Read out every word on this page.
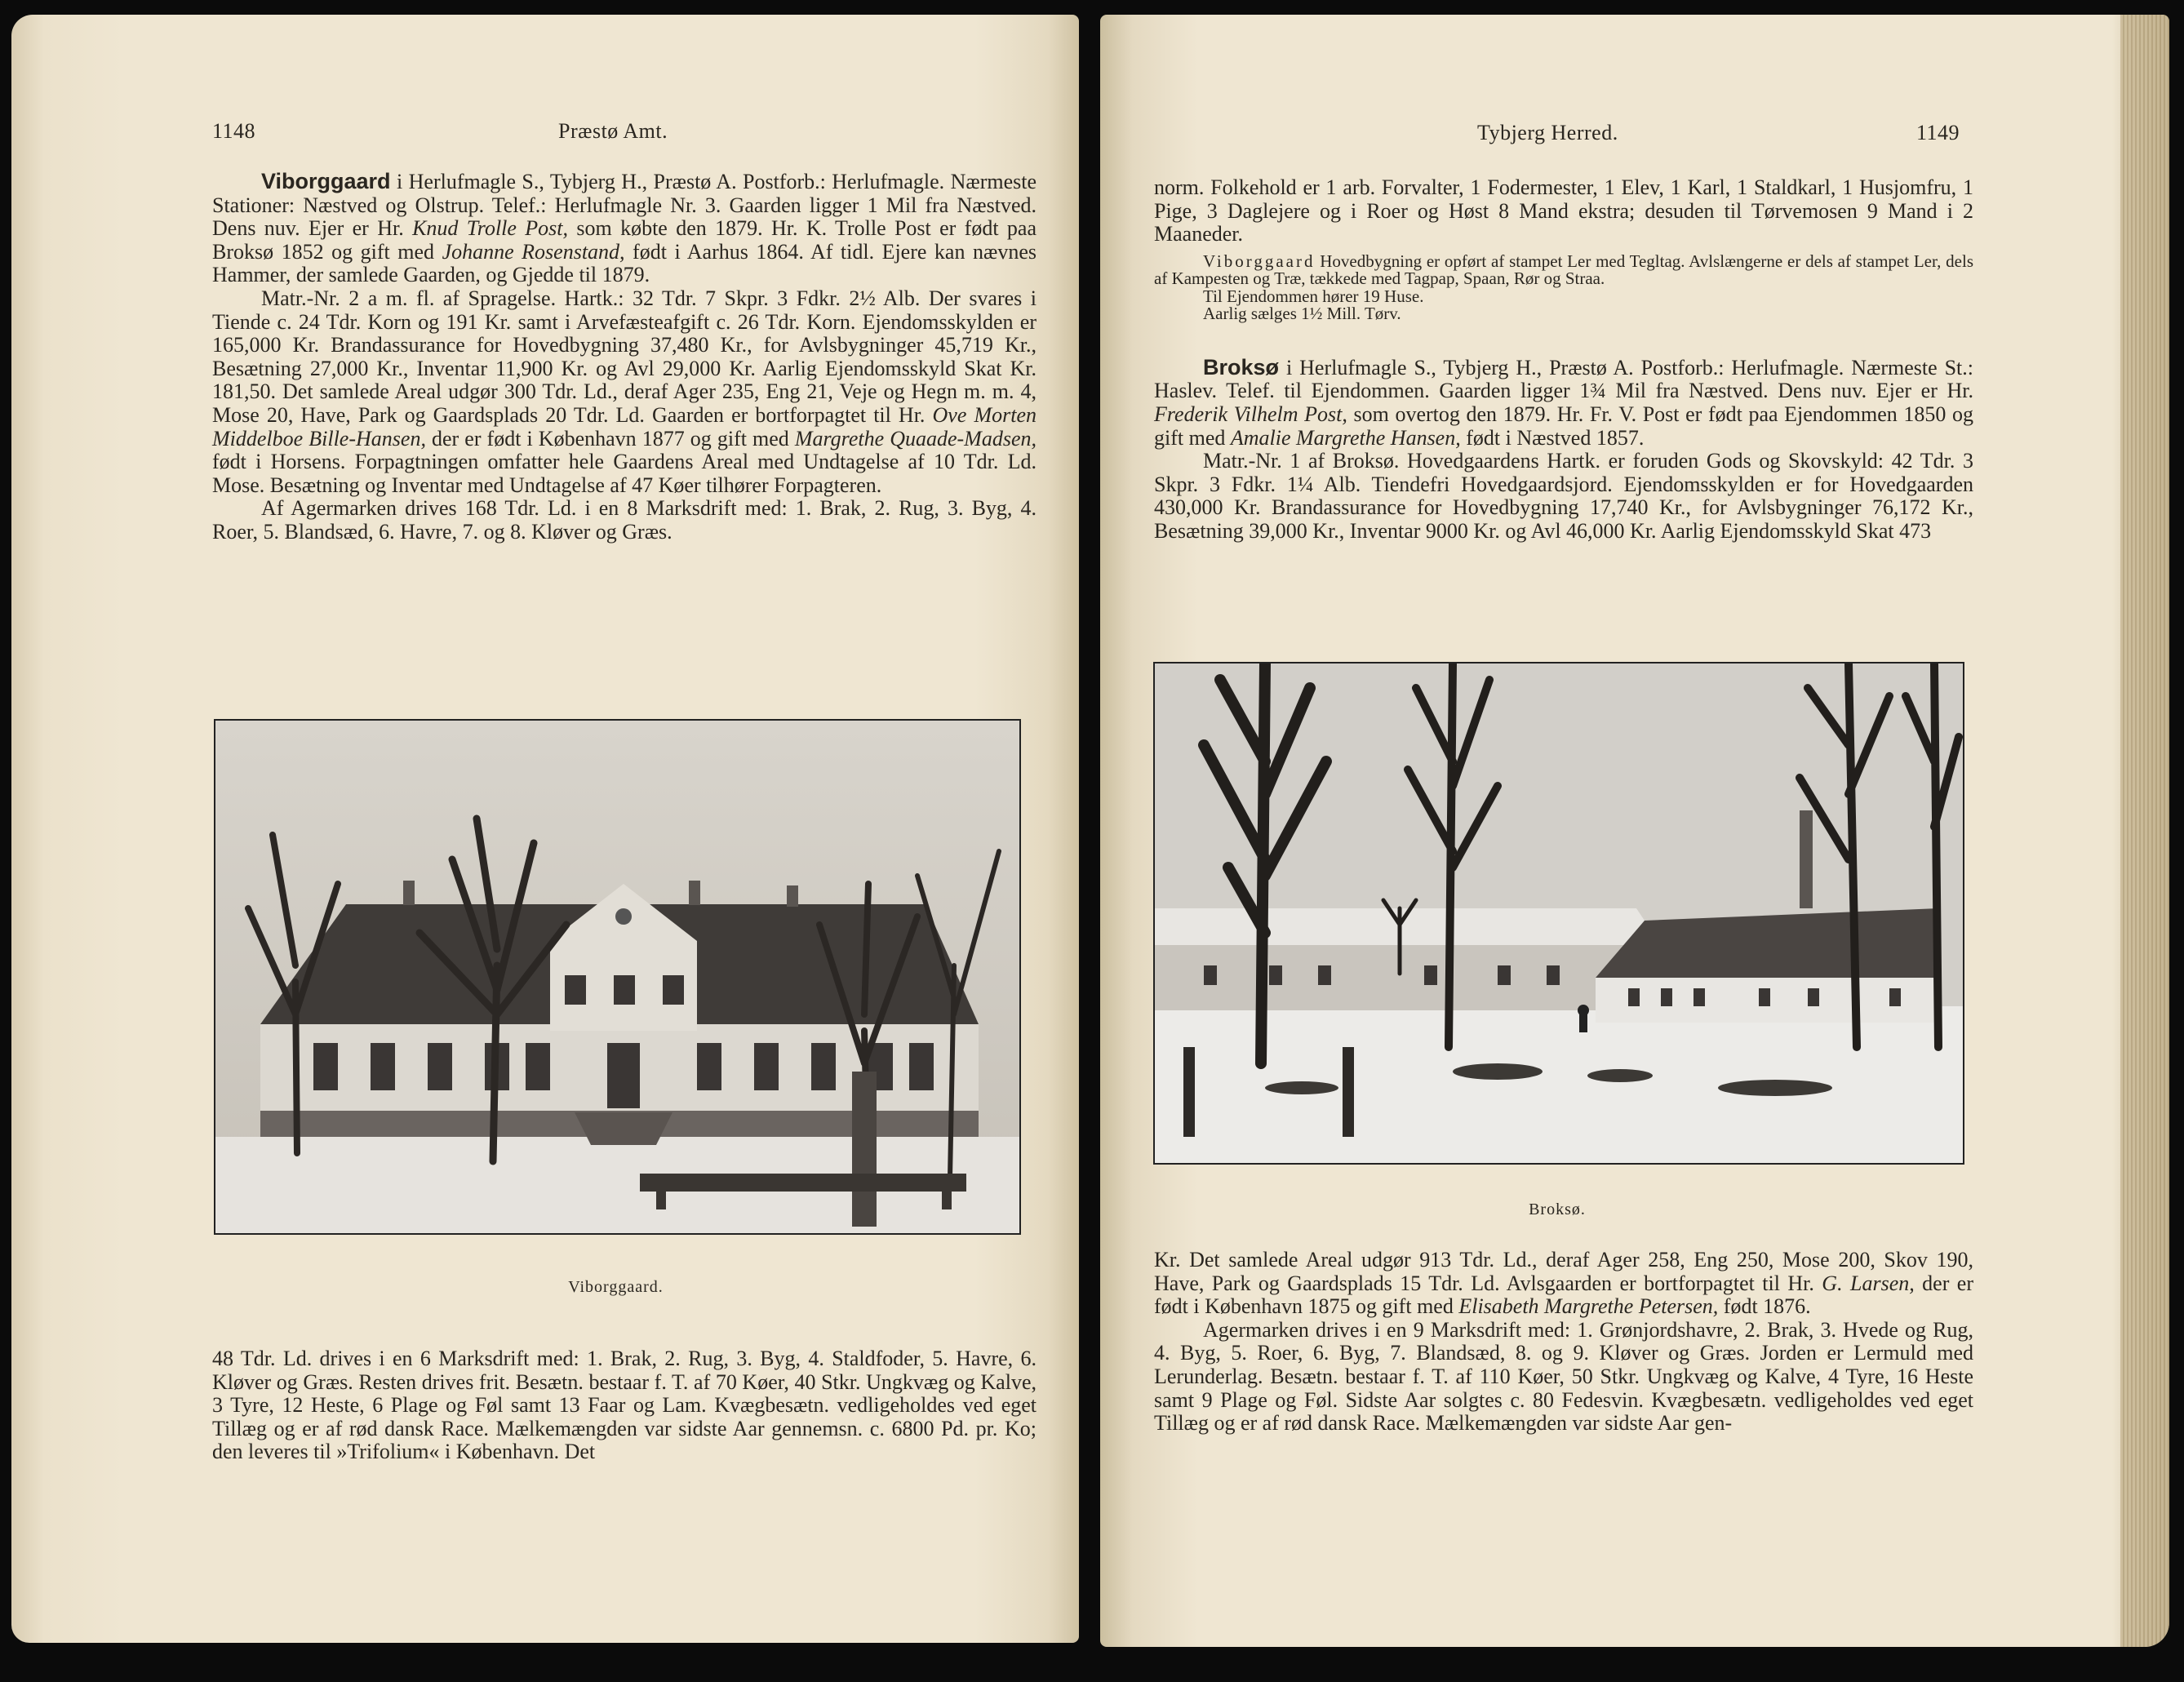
1148	Præstø Amt.

Viborggaard i Herlufmagle S., Tybjerg H., Præstø A. Postforb.: Herlufmagle. Nærmeste Stationer: Næstved og Olstrup. Telef.: Herlufmagle Nr. 3. Gaarden ligger 1 Mil fra Næstved. Dens nuv. Ejer er Hr. Knud Trolle Post, som købte den 1879. Hr. K. Trolle Post er født paa Broksø 1852 og gift med Johanne Rosenstand, født i Aarhus 1864. Af tidl. Ejere kan nævnes Hammer, der samlede Gaarden, og Gjedde til 1879.

Matr.-Nr. 2 a m. fl. af Spragelse. Hartk.: 32 Tdr. 7 Skpr. 3 Fdkr. 2½ Alb. Der svares i Tiende c. 24 Tdr. Korn og 191 Kr. samt i Arvefæsteafgift c. 26 Tdr. Korn. Ejendomsskylden er 165,000 Kr. Brandassurance for Hovedbygning 37,480 Kr., for Avlsbygninger 45,719 Kr., Besætning 27,000 Kr., Inventar 11,900 Kr. og Avl 29,000 Kr. Aarlig Ejendomsskyld Skat Kr. 181,50. Det samlede Areal udgør 300 Tdr. Ld., deraf Ager 235, Eng 21, Veje og Hegn m. m. 4, Mose 20, Have, Park og Gaardsplads 20 Tdr. Ld. Gaarden er bortforpagtet til Hr. Ove Morten Middelboe Bille-Hansen, der er født i København 1877 og gift med Margrethe Quaade-Madsen, født i Horsens. Forpagtningen omfatter hele Gaardens Areal med Undtagelse af 10 Tdr. Ld. Mose. Besætning og Inventar med Undtagelse af 47 Køer tilhører Forpagteren.

Af Agermarken drives 168 Tdr. Ld. i en 8 Marksdrift med: 1. Brak, 2. Rug, 3. Byg, 4. Roer, 5. Blandsæd, 6. Havre, 7. og 8. Kløver og Græs.

Viborggaard.

48 Tdr. Ld. drives i en 6 Marksdrift med: 1. Brak, 2. Rug, 3. Byg, 4. Staldfoder, 5. Havre, 6. Kløver og Græs. Resten drives frit. Besætn. bestaar f. T. af 70 Køer, 40 Stkr. Ungkvæg og Kalve, 3 Tyre, 12 Heste, 6 Plage og Føl samt 13 Faar og Lam. Kvægbesætn. vedligeholdes ved eget Tillæg og er af rød dansk Race. Mælkemængden var sidste Aar gennemsn. c. 6800 Pd. pr. Ko; den leveres til »Trifolium« i København. Det

Tybjerg Herred.	1149

norm. Folkehold er 1 arb. Forvalter, 1 Fodermester, 1 Elev, 1 Karl, 1 Staldkarl, 1 Husjomfru, 1 Pige, 3 Daglejere og i Roer og Høst 8 Mand ekstra; desuden til Tørvemosen 9 Mand i 2 Maaneder.

Viborggaard Hovedbygning er opført af stampet Ler med Tegltag. Avlslængerne er dels af stampet Ler, dels af Kampesten og Træ, tækkede med Tagpap, Spaan, Rør og Straa.
Til Ejendommen hører 19 Huse.
Aarlig sælges 1½ Mill. Tørv.

Broksø i Herlufmagle S., Tybjerg H., Præstø A. Postforb.: Herlufmagle. Nærmeste St.: Haslev. Telef. til Ejendommen. Gaarden ligger 1¾ Mil fra Næstved. Dens nuv. Ejer er Hr. Frederik Vilhelm Post, som overtog den 1879. Hr. Fr. V. Post er født paa Ejendommen 1850 og gift med Amalie Margrethe Hansen, født i Næstved 1857.

Matr.-Nr. 1 af Broksø. Hovedgaardens Hartk. er foruden Gods og Skovskyld: 42 Tdr. 3 Skpr. 3 Fdkr. 1¼ Alb. Tiendefri Hovedgaardsjord. Ejendomsskylden er for Hovedgaarden 430,000 Kr. Brandassurance for Hovedbygning 17,740 Kr., for Avlsbygninger 76,172 Kr., Besætning 39,000 Kr., Inventar 9000 Kr. og Avl 46,000 Kr. Aarlig Ejendomsskyld Skat 473

Broksø.

Kr. Det samlede Areal udgør 913 Tdr. Ld., deraf Ager 258, Eng 250, Mose 200, Skov 190, Have, Park og Gaardsplads 15 Tdr. Ld. Avlsgaarden er bortforpagtet til Hr. G. Larsen, der er født i København 1875 og gift med Elisabeth Margrethe Petersen, født 1876.

Agermarken drives i en 9 Marksdrift med: 1. Grønjordshavre, 2. Brak, 3. Hvede og Rug, 4. Byg, 5. Roer, 6. Byg, 7. Blandsæd, 8. og 9. Kløver og Græs. Jorden er Lermuld med Lerunderlag. Besætn. bestaar f. T. af 110 Køer, 50 Stkr. Ungkvæg og Kalve, 4 Tyre, 16 Heste samt 9 Plage og Føl. Sidste Aar solgtes c. 80 Fedesvin. Kvægbesætn. vedligeholdes ved eget Tillæg og er af rød dansk Race. Mælkemængden var sidste Aar gen-
